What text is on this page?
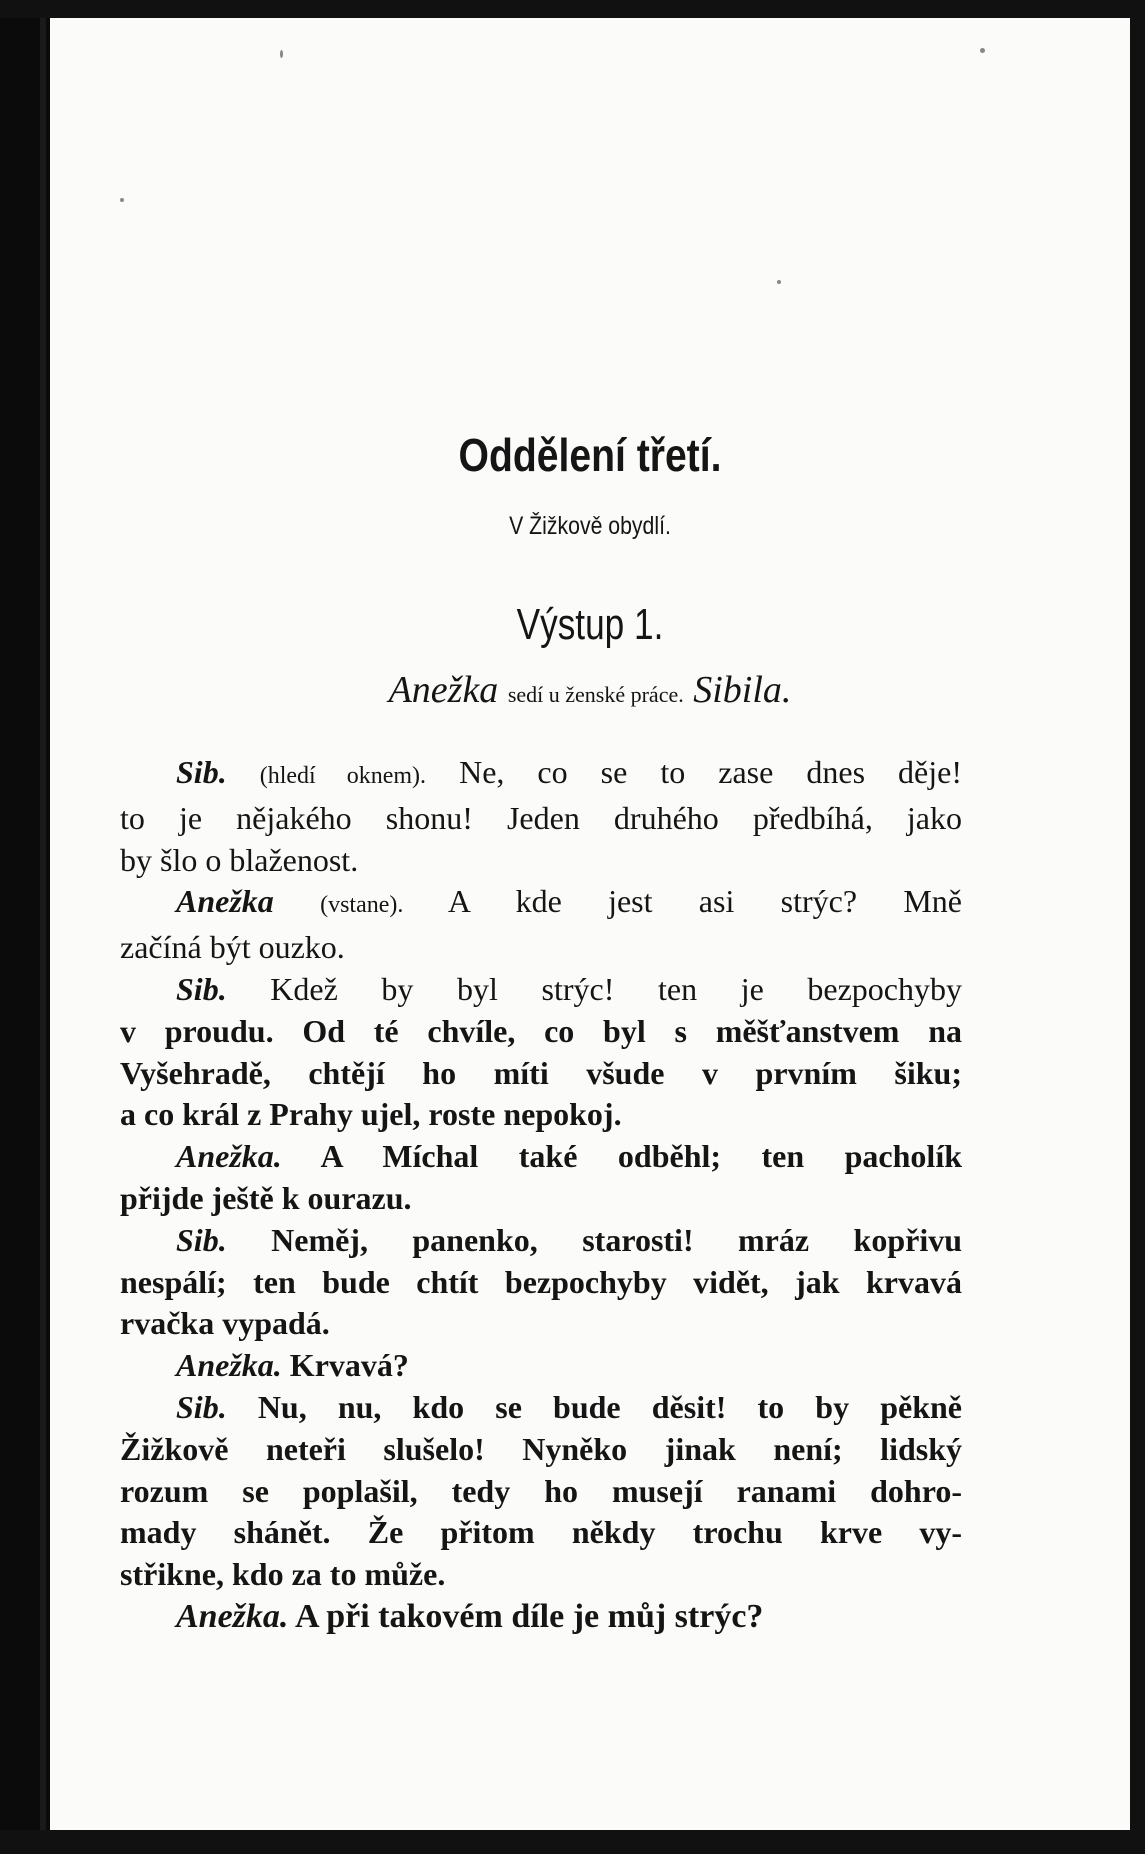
Oddělení třetí.
V Žižkově obydlí.
Výstup 1.
Anežka sedí u ženské práce. Sibila.
Sib. (hledí oknem). Ne, co se to zase dnes děje!
to je nějakého shonu! Jeden druhého předbíhá, jako
by šlo o blaženost.
Anežka (vstane). A kde jest asi strýc? Mně
začíná být ouzko.
Sib. Kdež by byl strýc! ten je bezpochyby
v proudu. Od té chvíle, co byl s měšťanstvem na
Vyšehradě, chtějí ho míti všude v prvním šiku;
a co král z Prahy ujel, roste nepokoj.
Anežka. A Míchal také odběhl; ten pacholík
přijde ještě k ourazu.
Sib. Neměj, panenko, starosti! mráz kopřivu
nespálí; ten bude chtít bezpochyby vidět, jak krvavá
rvačka vypadá.
Anežka. Krvavá?
Sib. Nu, nu, kdo se bude děsit! to by pěkně
Žižkově neteři slušelo! Nyněko jinak není; lidský
rozum se poplašil, tedy ho musejí ranami dohro-
mady shánět. Že přitom někdy trochu krve vy-
střikne, kdo za to může.
Anežka. A při takovém díle je můj strýc?
